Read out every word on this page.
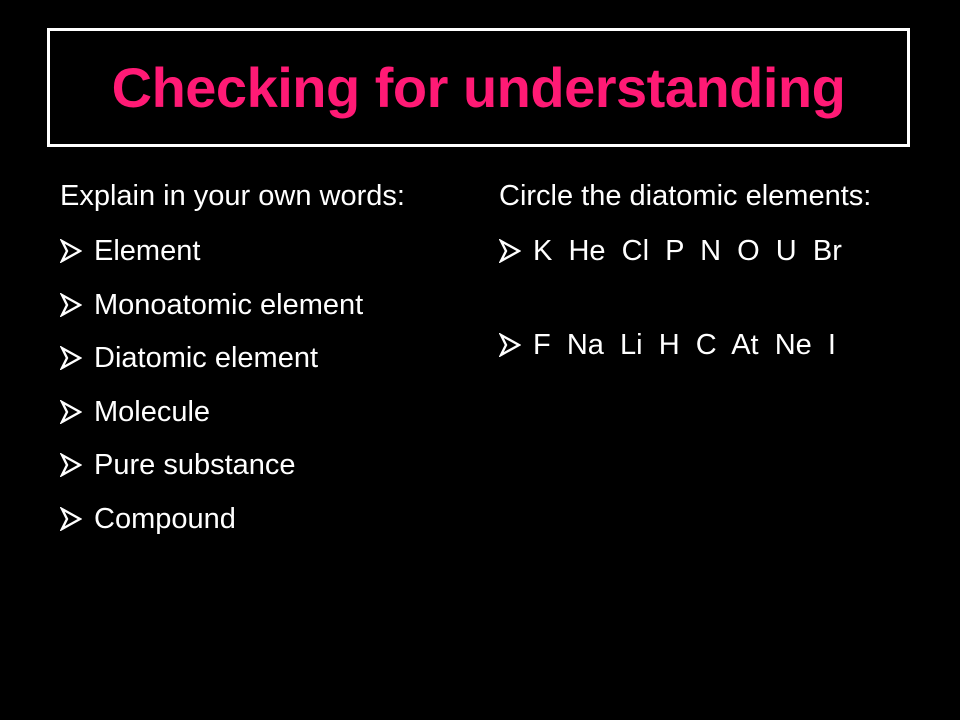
Checking for understanding
Explain in your own words:
Element
Monoatomic element
Diatomic element
Molecule
Pure substance
Compound
Circle the diatomic elements:
K  He  Cl  P  N  O  U  Br
F  Na  Li  H  C  At  Ne  I
